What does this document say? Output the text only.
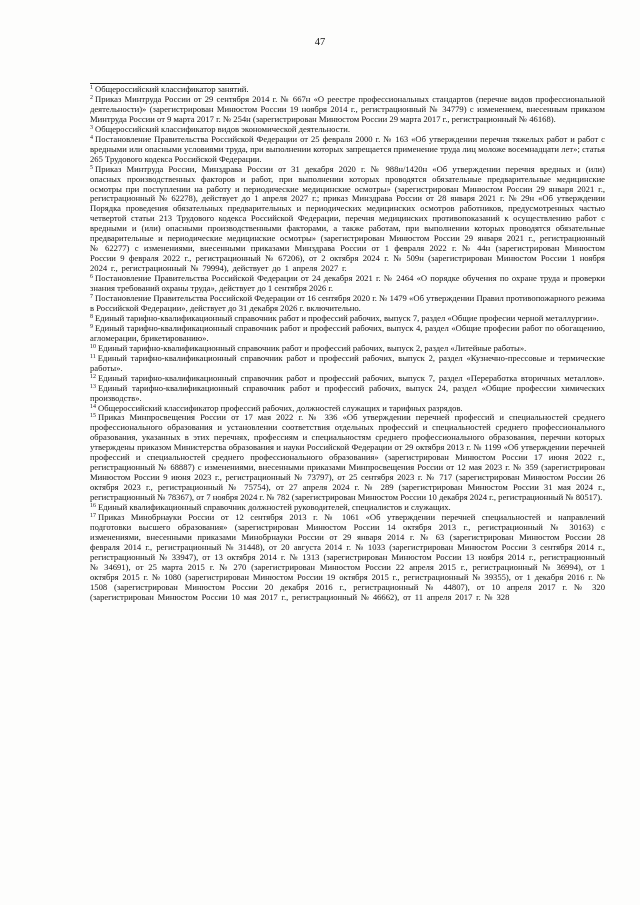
47

$^1$ Общероссийский классификатор занятий.

$^2$ Приказ Минтруда России от 29 сентября 2014 г. № 667н «О реестре профессиональных стандартов (перечне видов профессиональной деятельности)» (зарегистрирован Минюстом России 19 ноября 2014 г., регистрационный № 34779) с изменением, внесенным приказом Минтруда России от 9 марта 2017 г. № 254н (зарегистрирован Минюстом России 29 марта 2017 г., регистрационный № 46168).

$^3$ Общероссийский классификатор видов экономической деятельности.

$^4$ Постановление Правительства Российской Федерации от 25 февраля 2000 г. № 163 «Об утверждении перечня тяжелых работ и работ с вредными или опасными условиями труда, при выполнении которых запрещается применение труда лиц моложе восемнадцати лет»; статья 265 Трудового кодекса Российской Федерации.

$^5$ Приказ Минтруда России, Минздрава России от 31 декабря 2020 г. № 988н/1420н «Об утверждении перечня вредных и (или) опасных производственных факторов и работ, при выполнении которых проводятся обязательные предварительные медицинские осмотры при поступлении на работу и периодические медицинские осмотры» (зарегистрирован Минюстом России 29 января 2021 г., регистрационный № 62278), действует до 1 апреля 2027 г.; приказ Минздрава России от 28 января 2021 г. № 29н «Об утверждении Порядка проведения обязательных предварительных и периодических медицинских осмотров работников, предусмотренных частью четвертой статьи 213 Трудового кодекса Российской Федерации, перечня медицинских противопоказаний к осуществлению работ с вредными и (или) опасными производственными факторами, а также работам, при выполнении которых проводятся обязательные предварительные и периодические медицинские осмотры» (зарегистрирован Минюстом России 29 января 2021 г., регистрационный № 62277) с изменениями, внесенными приказами Минздрава России от 1 февраля 2022 г. № 44н (зарегистрирован Минюстом России 9 февраля 2022 г., регистрационный № 67206), от 2 октября 2024 г. № 509н (зарегистрирован Минюстом России 1 ноября 2024 г., регистрационный № 79994), действует до 1 апреля 2027 г.

$^6$ Постановление Правительства Российской Федерации от 24 декабря 2021 г. № 2464 «О порядке обучения по охране труда и проверки знания требований охраны труда», действует до 1 сентября 2026 г.

$^7$ Постановление Правительства Российской Федерации от 16 сентября 2020 г. № 1479 «Об утверждении Правил противопожарного режима в Российской Федерации», действует до 31 декабря 2026 г. включительно.

$^8$ Единый тарифно-квалификационный справочник работ и профессий рабочих, выпуск 7, раздел «Общие професии черной металлургии».

$^9$ Единый тарифно-квалификационный справочник работ и профессий рабочих, выпуск 4, раздел «Общие професии работ по обогащению, агломерации, брикетированию».

$^{10}$ Единый тарифно-квалификационный справочник работ и профессий рабочих, выпуск 2, раздел «Литейные работы».

$^{11}$ Единый тарифно-квалификационный справочник работ и профессий рабочих, выпуск 2, раздел «Кузнечно-прессовые и термические работы».

$^{12}$ Единый тарифно-квалификационный справочник работ и профессий рабочих, выпуск 7, раздел «Переработка вторичных металлов».

$^{13}$ Единый тарифно-квалификационный справочник работ и профессий рабочих, выпуск 24, раздел «Общие профессии химических производств».

$^{14}$ Общероссийский классификатор профессий рабочих, должностей служащих и тарифных разрядов.

$^{15}$ Приказ Минпросвещения России от 17 мая 2022 г. № 336 «Об утверждении перечней профессий и специальностей среднего профессионального образования и установлении соответствия отдельных профессий и специальностей среднего профессионального образования, указанных в этих перечнях, профессиям и специальностям среднего профессионального образования, перечни которых утверждены приказом Министерства образования и науки Российской Федерации от 29 октября 2013 г. № 1199 «Об утверждении перечней профессий и специальностей среднего профессионального образования» (зарегистрирован Минюстом России 17 июня 2022 г., регистрационный № 68887) с изменениями, внесенными приказами Минпросвещения России от 12 мая 2023 г. № 359 (зарегистрирован Минюстом России 9 июня 2023 г., регистрационный № 73797), от 25 сентября 2023 г. № 717 (зарегистрирован Минюстом России 26 октября 2023 г., регистрационный № 75754), от 27 апреля 2024 г. № 289 (зарегистрирован Минюстом России 31 мая 2024 г., регистрационный № 78367), от 7 ноября 2024 г. № 782 (зарегистрирован Минюстом России 10 декабря 2024 г., регистрационный № 80517).

$^{16}$ Единый квалификационный справочник должностей руководителей, специалистов и служащих.

$^{17}$ Приказ Минобрнауки России от 12 сентября 2013 г. № 1061 «Об утверждении перечней специальностей и направлений подготовки высшего образования» (зарегистрирован Минюстом России 14 октября 2013 г., регистрационный № 30163) с изменениями, внесенными приказами Минобрнауки России от 29 января 2014 г. № 63 (зарегистрирован Минюстом России 28 февраля 2014 г., регистрационный № 31448), от 20 августа 2014 г. № 1033 (зарегистрирован Минюстом России 3 сентября 2014 г., регистрационный № 33947), от 13 октября 2014 г. № 1313 (зарегистрирован Минюстом России 13 ноября 2014 г., регистрационный № 34691), от 25 марта 2015 г. № 270 (зарегистрирован Минюстом России 22 апреля 2015 г., регистрационный № 36994), от 1 октября 2015 г. № 1080 (зарегистрирован Минюстом России 19 октября 2015 г., регистрационный № 39355), от 1 декабря 2016 г. № 1508 (зарегистрирован Минюстом России 20 декабря 2016 г., регистрационный № 44807), от 10 апреля 2017 г. № 320 (зарегистрирован Минюстом России 10 мая 2017 г., регистрационный № 46662), от 11 апреля 2017 г. № 328
